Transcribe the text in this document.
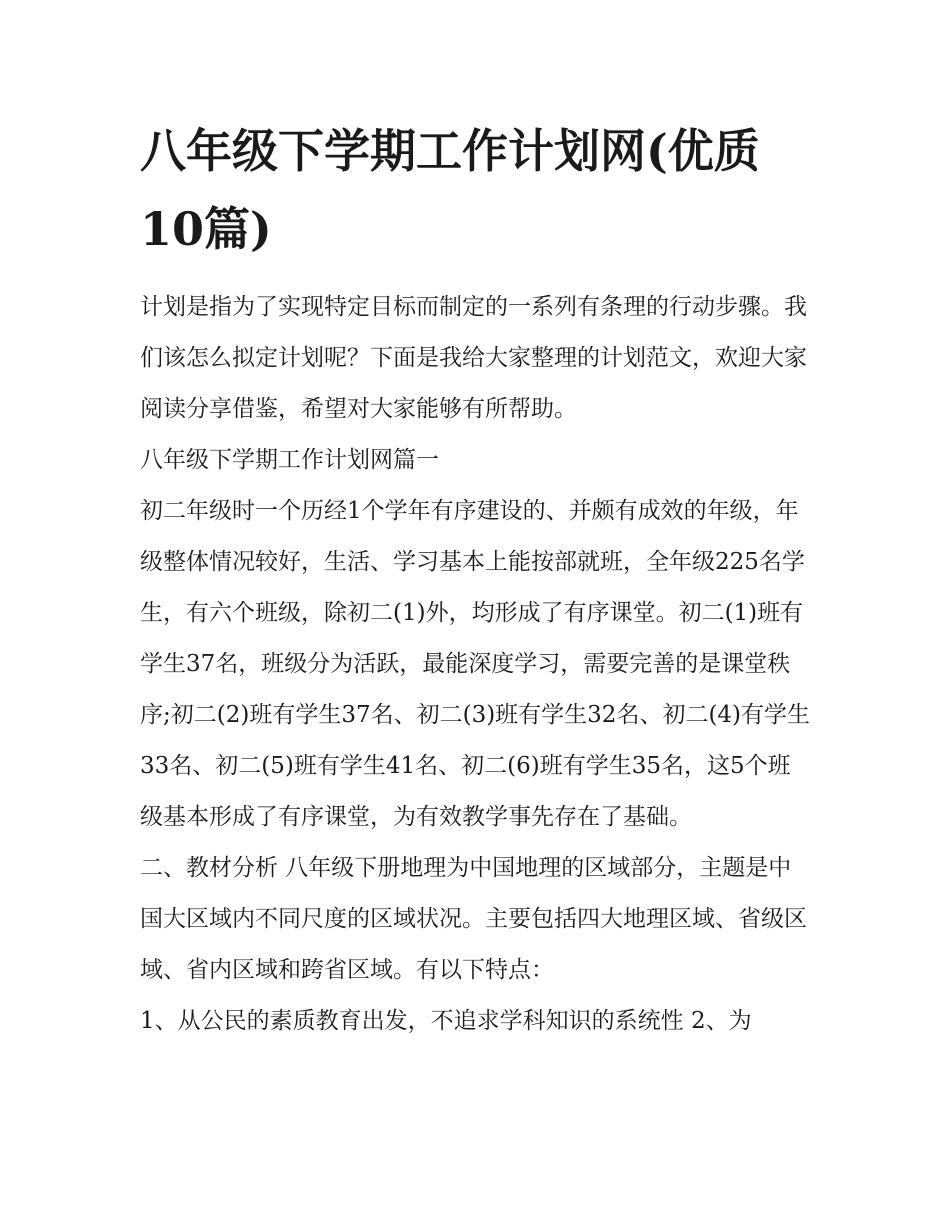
八年级下学期工作计划网(优质10篇)

计划是指为了实现特定目标而制定的一系列有条理的行动步骤。我们该怎么拟定计划呢？下面是我给大家整理的计划范文，欢迎大家阅读分享借鉴，希望对大家能够有所帮助。

八年级下学期工作计划网篇一

初二年级时一个历经1个学年有序建设的、并颇有成效的年级，年级整体情况较好，生活、学习基本上能按部就班，全年级225名学生，有六个班级，除初二(1)外，均形成了有序课堂。初二(1)班有学生37名，班级分为活跃，最能深度学习，需要完善的是课堂秩序;初二(2)班有学生37名、初二(3)班有学生32名、初二(4)有学生33名、初二(5)班有学生41名、初二(6)班有学生35名，这5个班级基本形成了有序课堂，为有效教学事先存在了基础。

二、教材分析 八年级下册地理为中国地理的区域部分，主题是中国大区域内不同尺度的区域状况。主要包括四大地理区域、省级区域、省内区域和跨省区域。有以下特点：

1、从公民的素质教育出发，不追求学科知识的系统性 2、为
